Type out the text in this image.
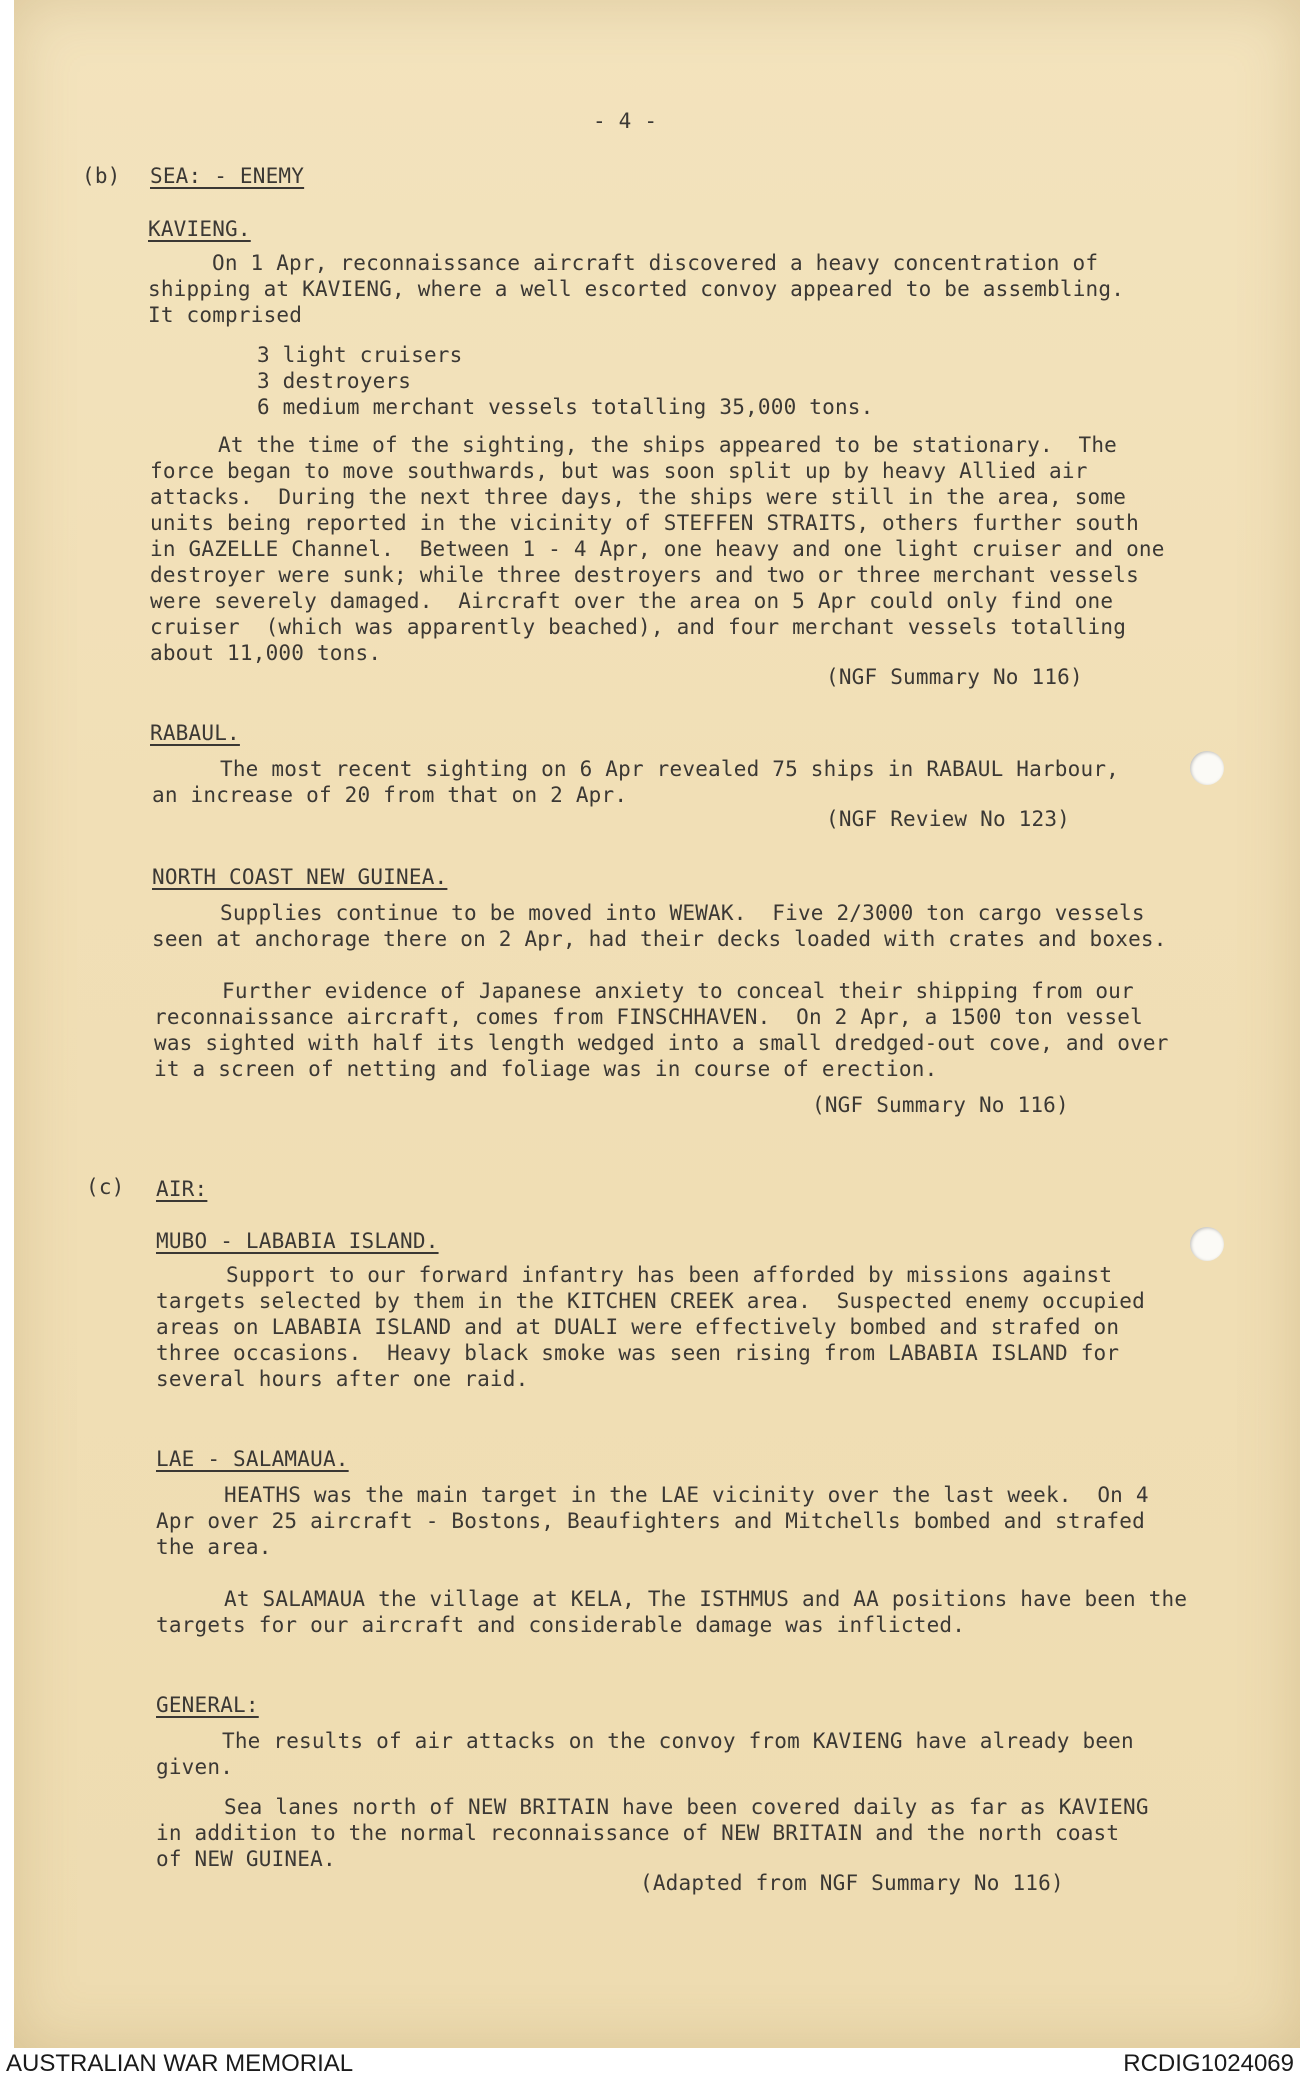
- 4 -
(b) SEA: - ENEMY
KAVIENG.
On 1 Apr, reconnaissance aircraft discovered a heavy concentration of
shipping at KAVIENG, where a well escorted convoy appeared to be assembling.
It comprised
3 light cruisers
3 destroyers
6 medium merchant vessels totalling 35,000 tons.
At the time of the sighting, the ships appeared to be stationary.  The
force began to move southwards, but was soon split up by heavy Allied air
attacks.  During the next three days, the ships were still in the area, some
units being reported in the vicinity of STEFFEN STRAITS, others further south
in GAZELLE Channel.  Between 1 - 4 Apr, one heavy and one light cruiser and one
destroyer were sunk; while three destroyers and two or three merchant vessels
were severely damaged.  Aircraft over the area on 5 Apr could only find one
cruiser  (which was apparently beached), and four merchant vessels totalling
about 11,000 tons.
(NGF Summary No 116)
RABAUL.
The most recent sighting on 6 Apr revealed 75 ships in RABAUL Harbour,
an increase of 20 from that on 2 Apr.
(NGF Review No 123)
NORTH COAST NEW GUINEA.
Supplies continue to be moved into WEWAK.  Five 2/3000 ton cargo vessels
seen at anchorage there on 2 Apr, had their decks loaded with crates and boxes.
Further evidence of Japanese anxiety to conceal their shipping from our
reconnaissance aircraft, comes from FINSCHHAVEN.  On 2 Apr, a 1500 ton vessel
was sighted with half its length wedged into a small dredged-out cove, and over
it a screen of netting and foliage was in course of erection.
(NGF Summary No 116)
(c) AIR:
MUBO - LABABIA ISLAND.
Support to our forward infantry has been afforded by missions against
targets selected by them in the KITCHEN CREEK area.  Suspected enemy occupied
areas on LABABIA ISLAND and at DUALI were effectively bombed and strafed on
three occasions.  Heavy black smoke was seen rising from LABABIA ISLAND for
several hours after one raid.
LAE - SALAMAUA.
HEATHS was the main target in the LAE vicinity over the last week.  On 4
Apr over 25 aircraft - Bostons, Beaufighters and Mitchells bombed and strafed
the area.
At SALAMAUA the village at KELA, The ISTHMUS and AA positions have been the
targets for our aircraft and considerable damage was inflicted.
GENERAL:
The results of air attacks on the convoy from KAVIENG have already been
given.
Sea lanes north of NEW BRITAIN have been covered daily as far as KAVIENG
in addition to the normal reconnaissance of NEW BRITAIN and the north coast
of NEW GUINEA.
(Adapted from NGF Summary No 116)
AUSTRALIAN WAR MEMORIAL	RCDIG1024069
